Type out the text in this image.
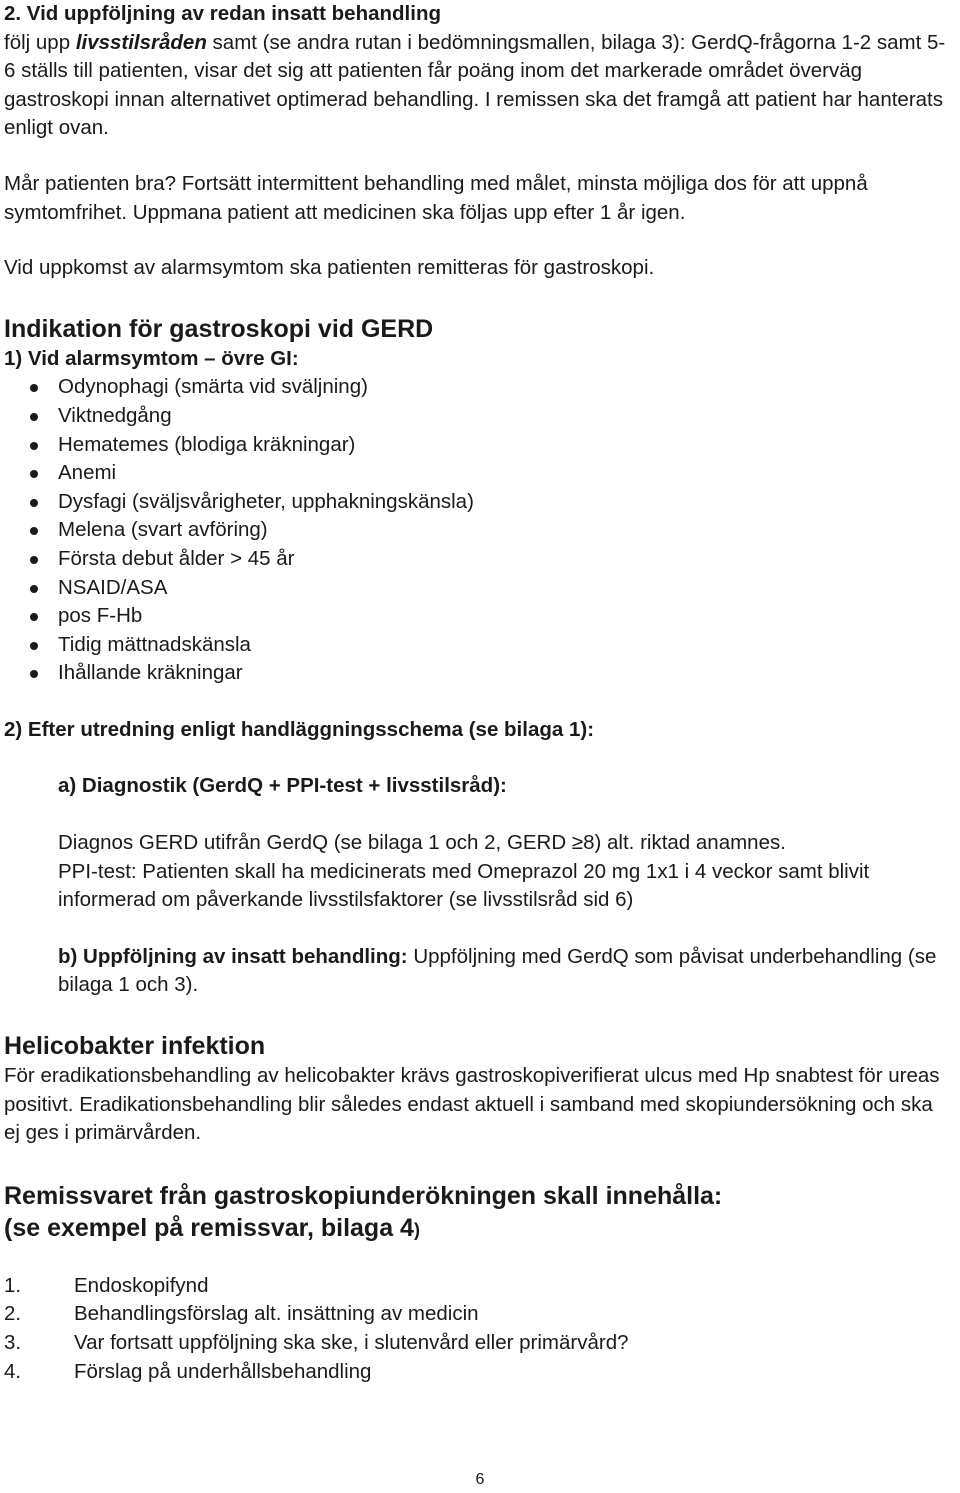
2. Vid uppföljning av redan insatt behandling

följ upp livsstilsråden samt (se andra rutan i bedömningsmallen, bilaga 3): GerdQ-frågorna 1-2 samt 5-6 ställs till patienten, visar det sig att patienten får poäng inom det markerade området överväg gastroskopi innan alternativet optimerad behandling. I remissen ska det framgå att patient har hanterats enligt ovan.

Mår patienten bra? Fortsätt intermittent behandling med målet, minsta möjliga dos för att uppnå symtomfrihet. Uppmana patient att medicinen ska följas upp efter 1 år igen.

Vid uppkomst av alarmsymtom ska patienten remitteras för gastroskopi.

Indikation för gastroskopi vid GERD

1) Vid alarmsymtom – övre GI:

Odynophagi (smärta vid sväljning)
Viktnedgång
Hematemes (blodiga kräkningar)
Anemi
Dysfagi (sväljsvårigheter, upphakningskänsla)
Melena (svart avföring)
Första debut ålder > 45 år
NSAID/ASA
pos F-Hb
Tidig mättnadskänsla
Ihållande kräkningar

2) Efter utredning enligt handläggningsschema (se bilaga 1):

a) Diagnostik (GerdQ + PPI-test + livsstilsråd):

Diagnos GERD utifrån GerdQ (se bilaga 1 och 2, GERD ≥8) alt. riktad anamnes.

PPI-test: Patienten skall ha medicinerats med Omeprazol 20 mg 1x1 i 4 veckor samt blivit informerad om påverkande livsstilsfaktorer (se livsstilsråd sid 6)

b) Uppföljning av insatt behandling: Uppföljning med GerdQ som påvisat underbehandling (se bilaga 1 och 3).

Helicobakter infektion

För eradikationsbehandling av helicobakter krävs gastroskopiverifierat ulcus med Hp snabtest för ureas positivt. Eradikationsbehandling blir således endast aktuell i samband med skopiundersökning och ska ej ges i primärvården.

Remissvaret från gastroskopiunderökningen skall innehålla:

(se exempel på remissvar, bilaga 4)

1.	Endoskopifynd
2.	Behandlingsförslag alt. insättning av medicin
3.	Var fortsatt uppföljning ska ske, i slutenvård eller primärvård?
4.	Förslag på underhållsbehandling
6
